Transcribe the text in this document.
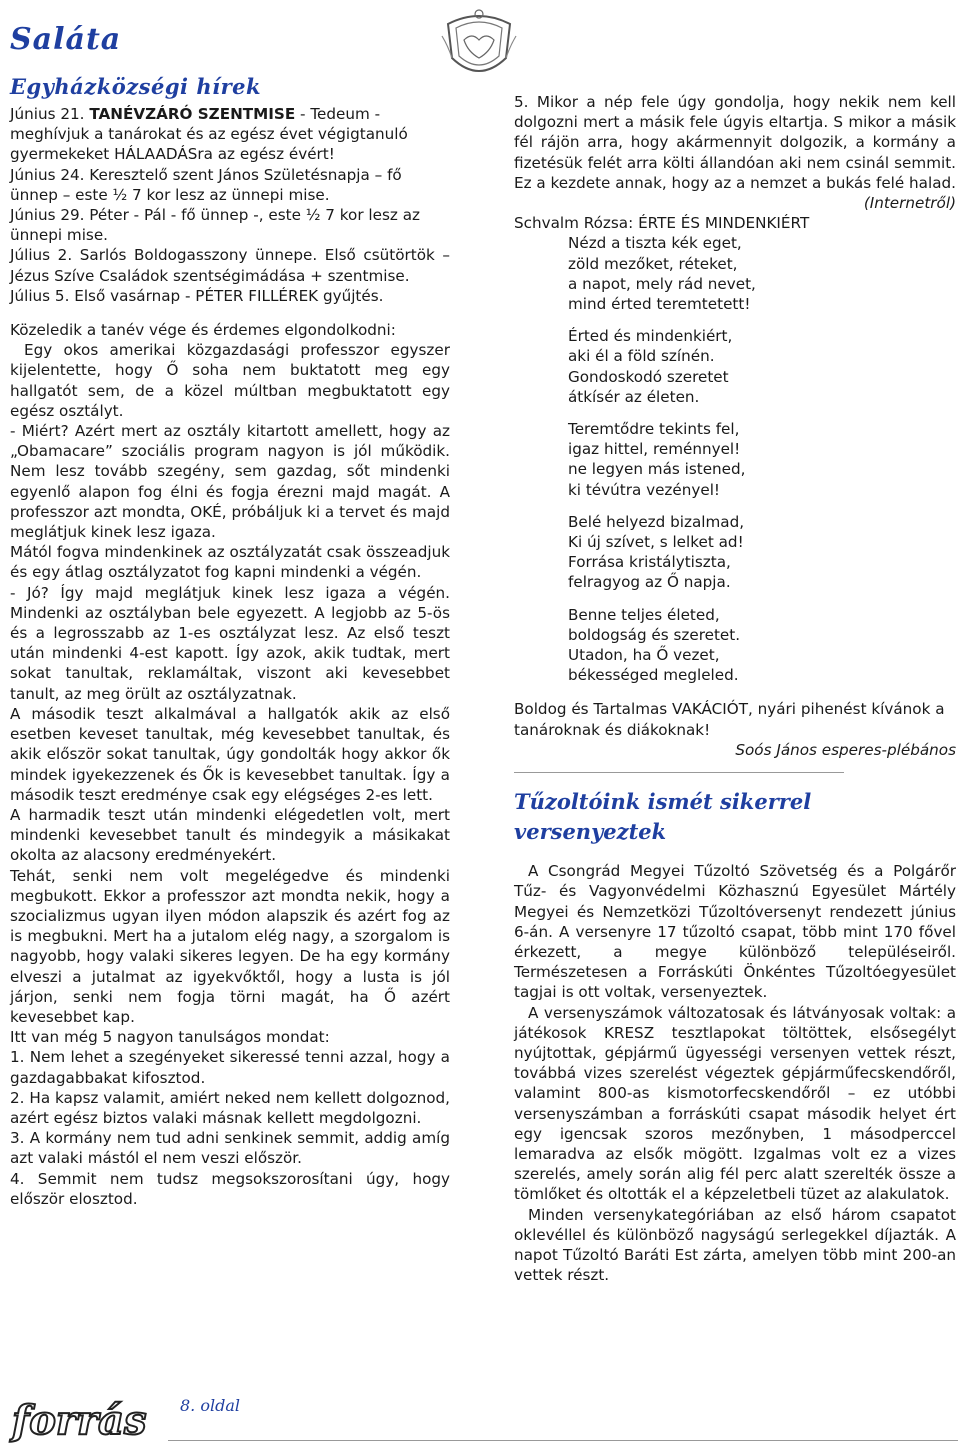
Saláta
Egyházközségi hírek

Június 21. TANÉVZÁRÓ SZENTMISE - Tedeum - meghívjuk a tanárokat és az egész évet végigtanuló gyermekeket HÁLAADÁSra az egész évért!

Június 24. Keresztelő szent János Születésnapja – fő ünnep – este ½ 7 kor lesz az ünnepi mise.

Június 29. Péter - Pál - fő ünnep -, este ½ 7 kor lesz az ünnepi mise.

Július 2. Sarlós Boldogasszony ünnepe. Első csütörtök – Jézus Szíve Családok szentségimádása + szentmise.

Július 5. Első vasárnap - PÉTER FILLÉREK gyűjtés.

Közeledik a tanév vége és érdemes elgondolkodni:

Egy okos amerikai közgazdasági professzor egyszer kijelentette, hogy Ő soha nem buktatott meg egy hallgatót sem, de a közel múltban megbuktatott egy egész osztályt.

- Miért? Azért mert az osztály kitartott amellett, hogy az „Obamacare” szociális program nagyon is jól működik. Nem lesz tovább szegény, sem gazdag, sőt mindenki egyenlő alapon fog élni és fogja érezni majd magát. A professzor azt mondta, OKÉ, próbáljuk ki a tervet és majd meglátjuk kinek lesz igaza.

Mától fogva mindenkinek az osztályzatát csak összeadjuk és egy átlag osztályzatot fog kapni mindenki a végén.

- Jó? Így majd meglátjuk kinek lesz igaza a végén. Mindenki az osztályban bele egyezett. A legjobb az 5-ös és a legrosszabb az 1-es osztályzat lesz. Az első teszt után mindenki 4-est kapott. Így azok, akik tudtak, mert sokat tanultak, reklamáltak, viszont aki kevesebbet tanult, az meg örült az osztályzatnak.

A második teszt alkalmával a hallgatók akik az első esetben keveset tanultak, még kevesebbet tanultak, és akik először sokat tanultak, úgy gondolták hogy akkor ők mindek igyekezzenek és Ők is kevesebbet tanultak. Így a második teszt eredménye csak egy elégséges 2-es lett.

A harmadik teszt után mindenki elégedetlen volt, mert mindenki kevesebbet tanult és mindegyik a másikakat okolta az alacsony eredményekért.

Tehát, senki nem volt megelégedve és mindenki megbukott. Ekkor a professzor azt mondta nekik, hogy a szocializmus ugyan ilyen módon alapszik és azért fog az is megbukni. Mert ha a jutalom elég nagy, a szorgalom is nagyobb, hogy valaki sikeres legyen. De ha egy kormány elveszi a jutalmat az igyekvőktől, hogy a lusta is jól járjon, senki nem fogja törni magát, ha Ő azért kevesebbet kap.

Itt van még 5 nagyon tanulságos mondat:

1. Nem lehet a szegényeket sikeressé tenni azzal, hogy a gazdagabbakat kifosztod.

2. Ha kapsz valamit, amiért neked nem kellett dolgoznod, azért egész biztos valaki másnak kellett megdolgozni.

3. A kormány nem tud adni senkinek semmit, addig amíg azt valaki mástól el nem veszi először.

4. Semmit nem tudsz megsokszorosítani úgy, hogy először elosztod.

5. Mikor a nép fele úgy gondolja, hogy nekik nem kell dolgozni mert a másik fele úgyis eltartja. S mikor a másik fél rájön arra, hogy akármennyit dolgozik, a kormány a fizetésük felét arra költi állandóan aki nem csinál semmit. Ez a kezdete annak, hogy az a nemzet a bukás felé halad.

(Internetről)

Schvalm Rózsa: ÉRTE ÉS MINDENKIÉRT

Nézd a tiszta kék eget,
zöld mezőket, réteket,
a napot, mely rád nevet,
mind érted teremtetett!
Érted és mindenkiért,
aki él a föld színén.
Gondoskodó szeretet
átkísér az életen.
Teremtődre tekints fel,
igaz hittel, reménnyel!
ne legyen más istened,
ki tévútra vezényel!
Belé helyezd bizalmad,
Ki új szívet, s lelket ad!
Forrása kristálytiszta,
felragyog az Ő napja.
Benne teljes életed,
boldogság és szeretet.
Utadon, ha Ő vezet,
békességed megleled.

Boldog és Tartalmas VAKÁCIÓT, nyári pihenést kívánok a tanároknak és diákoknak!

Soós János esperes-plébános

Tűzoltóink ismét sikerrel versenyeztek

A Csongrád Megyei Tűzoltó Szövetség és a Polgárőr Tűz- és Vagyonvédelmi Közhasznú Egyesület Mártély Megyei és Nemzetközi Tűzoltóversenyt rendezett június 6-án. A versenyre 17 tűzoltó csapat, több mint 170 fővel érkezett, a megye különböző településeiről. Természetesen a Forráskúti Önkéntes Tűzoltóegyesület tagjai is ott voltak, versenyeztek.

A versenyszámok változatosak és látványosak voltak: a játékosok KRESZ tesztlapokat töltöttek, elsősegélyt nyújtottak, gépjármű ügyességi versenyen vettek részt, továbbá vizes szerelést végeztek gépjárműfecskendőről, valamint 800-as kismotorfecskendőről – ez utóbbi versenyszámban a forráskúti csapat második helyet ért egy igencsak szoros mezőnyben, 1 másodperccel lemaradva az elsők mögött. Izgalmas volt ez a vizes szerelés, amely során alig fél perc alatt szerelték össze a tömlőket és oltották el a képzeletbeli tüzet az alakulatok.

Minden versenykategóriában az első három csapatot oklevéllel és különböző nagyságú serlegekkel díjazták. A napot Tűzoltó Baráti Est zárta, amelyen több mint 200-an vettek részt.

forrás 8. oldal
